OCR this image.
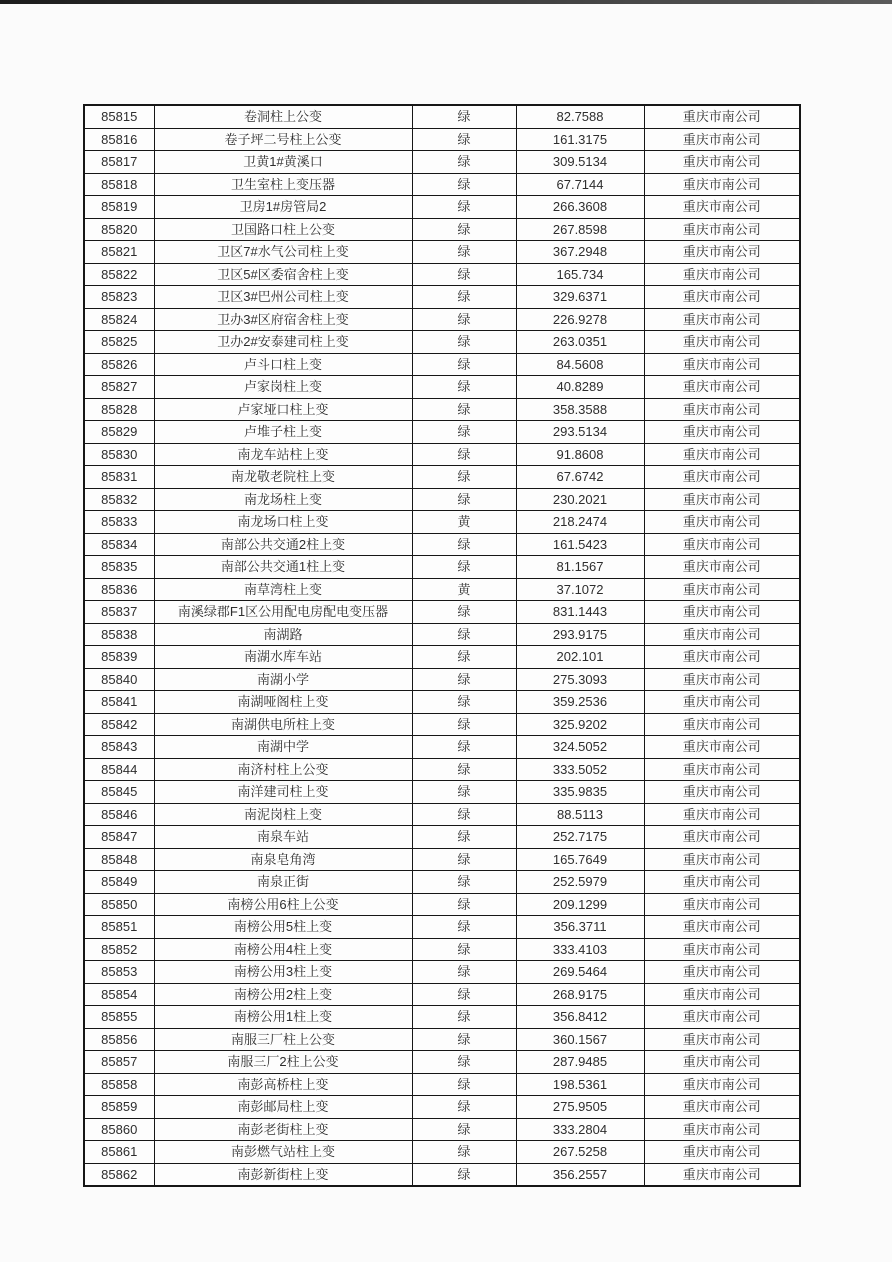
85815	卷洞柱上公变	绿	82.7588	重庆市南公司
85816	卷子坪二号柱上公变	绿	161.3175	重庆市南公司
85817	卫黄1#黄溪口	绿	309.5134	重庆市南公司
85818	卫生室柱上变压器	绿	67.7144	重庆市南公司
85819	卫房1#房管局2	绿	266.3608	重庆市南公司
85820	卫国路口柱上公变	绿	267.8598	重庆市南公司
85821	卫区7#水气公司柱上变	绿	367.2948	重庆市南公司
85822	卫区5#区委宿舍柱上变	绿	165.734	重庆市南公司
85823	卫区3#巴州公司柱上变	绿	329.6371	重庆市南公司
85824	卫办3#区府宿舍柱上变	绿	226.9278	重庆市南公司
85825	卫办2#安泰建司柱上变	绿	263.0351	重庆市南公司
85826	卢斗口柱上变	绿	84.5608	重庆市南公司
85827	卢家岗柱上变	绿	40.8289	重庆市南公司
85828	卢家垭口柱上变	绿	358.3588	重庆市南公司
85829	卢堆子柱上变	绿	293.5134	重庆市南公司
85830	南龙车站柱上变	绿	91.8608	重庆市南公司
85831	南龙敬老院柱上变	绿	67.6742	重庆市南公司
85832	南龙场柱上变	绿	230.2021	重庆市南公司
85833	南龙场口柱上变	黄	218.2474	重庆市南公司
85834	南部公共交通2柱上变	绿	161.5423	重庆市南公司
85835	南部公共交通1柱上变	绿	81.1567	重庆市南公司
85836	南草湾柱上变	黄	37.1072	重庆市南公司
85837	南溪绿郡F1区公用配电房配电变压器	绿	831.1443	重庆市南公司
85838	南湖路	绿	293.9175	重庆市南公司
85839	南湖水库车站	绿	202.101	重庆市南公司
85840	南湖小学	绿	275.3093	重庆市南公司
85841	南湖哑阁柱上变	绿	359.2536	重庆市南公司
85842	南湖供电所柱上变	绿	325.9202	重庆市南公司
85843	南湖中学	绿	324.5052	重庆市南公司
85844	南济村柱上公变	绿	333.5052	重庆市南公司
85845	南洋建司柱上变	绿	335.9835	重庆市南公司
85846	南泥岗柱上变	绿	88.5113	重庆市南公司
85847	南泉车站	绿	252.7175	重庆市南公司
85848	南泉皂角湾	绿	165.7649	重庆市南公司
85849	南泉正街	绿	252.5979	重庆市南公司
85850	南榜公用6柱上公变	绿	209.1299	重庆市南公司
85851	南榜公用5柱上变	绿	356.3711	重庆市南公司
85852	南榜公用4柱上变	绿	333.4103	重庆市南公司
85853	南榜公用3柱上变	绿	269.5464	重庆市南公司
85854	南榜公用2柱上变	绿	268.9175	重庆市南公司
85855	南榜公用1柱上变	绿	356.8412	重庆市南公司
85856	南服三厂柱上公变	绿	360.1567	重庆市南公司
85857	南服三厂2柱上公变	绿	287.9485	重庆市南公司
85858	南彭高桥柱上变	绿	198.5361	重庆市南公司
85859	南彭邮局柱上变	绿	275.9505	重庆市南公司
85860	南彭老街柱上变	绿	333.2804	重庆市南公司
85861	南彭燃气站柱上变	绿	267.5258	重庆市南公司
85862	南彭新街柱上变	绿	356.2557	重庆市南公司
